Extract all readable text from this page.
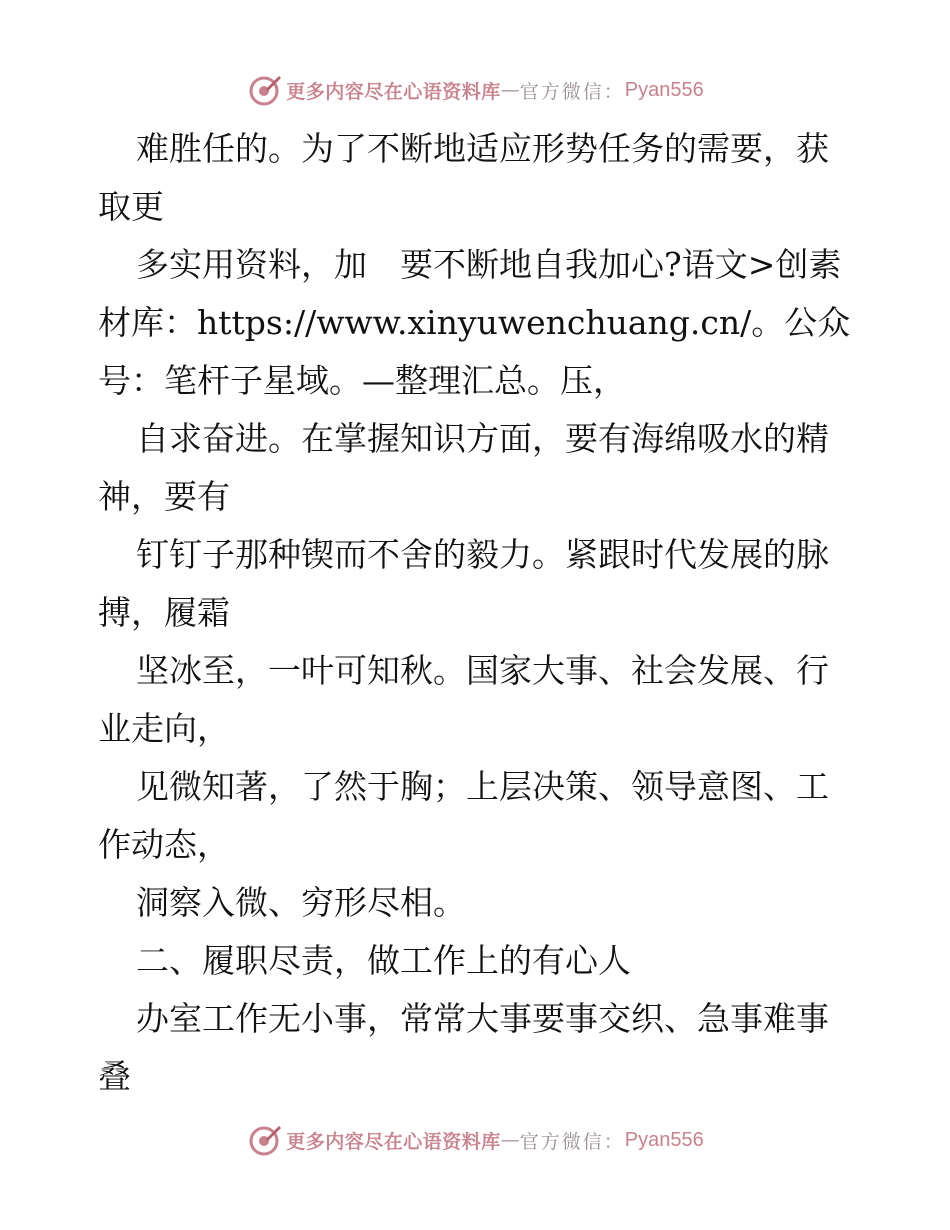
更多内容尽在心语资料库 — 官方微信： Pyan556
难胜任的。为了不断地适应形势任务的需要，获
取更
多实用资料，加　要不断地自我加心?语文>创素
材库：https://www.xinyuwenchuang.cn/。公众
号：笔杆子星域。—整理汇总。压，
自求奋进。在掌握知识方面，要有海绵吸水的精
神，要有
钉钉子那种锲而不舍的毅力。紧跟时代发展的脉
搏，履霜
坚冰至，一叶可知秋。国家大事、社会发展、行
业走向，
见微知著，了然于胸；上层决策、领导意图、工
作动态，
洞察入微、穷形尽相。
二、履职尽责，做工作上的有心人
办室工作无小事，常常大事要事交织、急事难事
叠
更多内容尽在心语资料库 — 官方微信： Pyan556
